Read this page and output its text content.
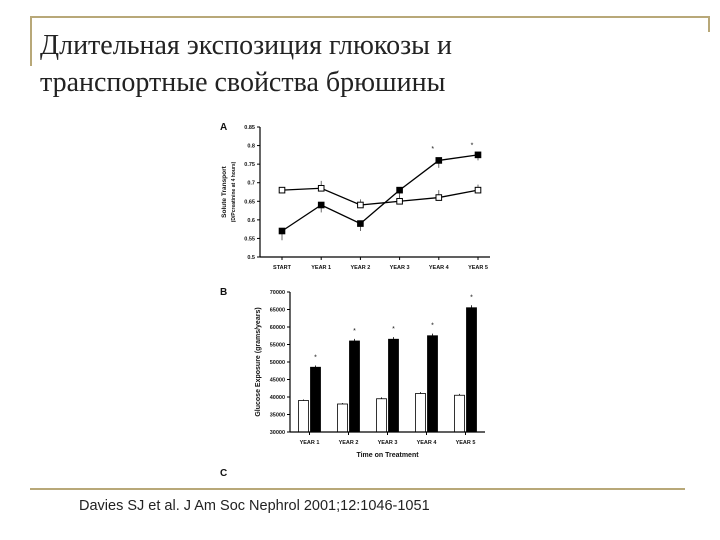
Длительная экспозиция глюкозы и
транспортные свойства брюшины
A
B
C
0.5
0.55
0.6
0.65
0.7
0.75
0.8
0.85
START	YEAR 1	YEAR 2	YEAR 3	YEAR 4	YEAR 5
Solute Transport (D/Pcreatinine at 4 hours)
*
*
30000
35000
40000
45000
50000
55000
60000
65000
70000
*
YEAR 1
*
YEAR 2
*
YEAR 3
*
YEAR 4
*
YEAR 5
Time on Treatment
Glucose Exposure (grams/years)
Davies SJ et al. J Am Soc Nephrol 2001;12:1046-1051
